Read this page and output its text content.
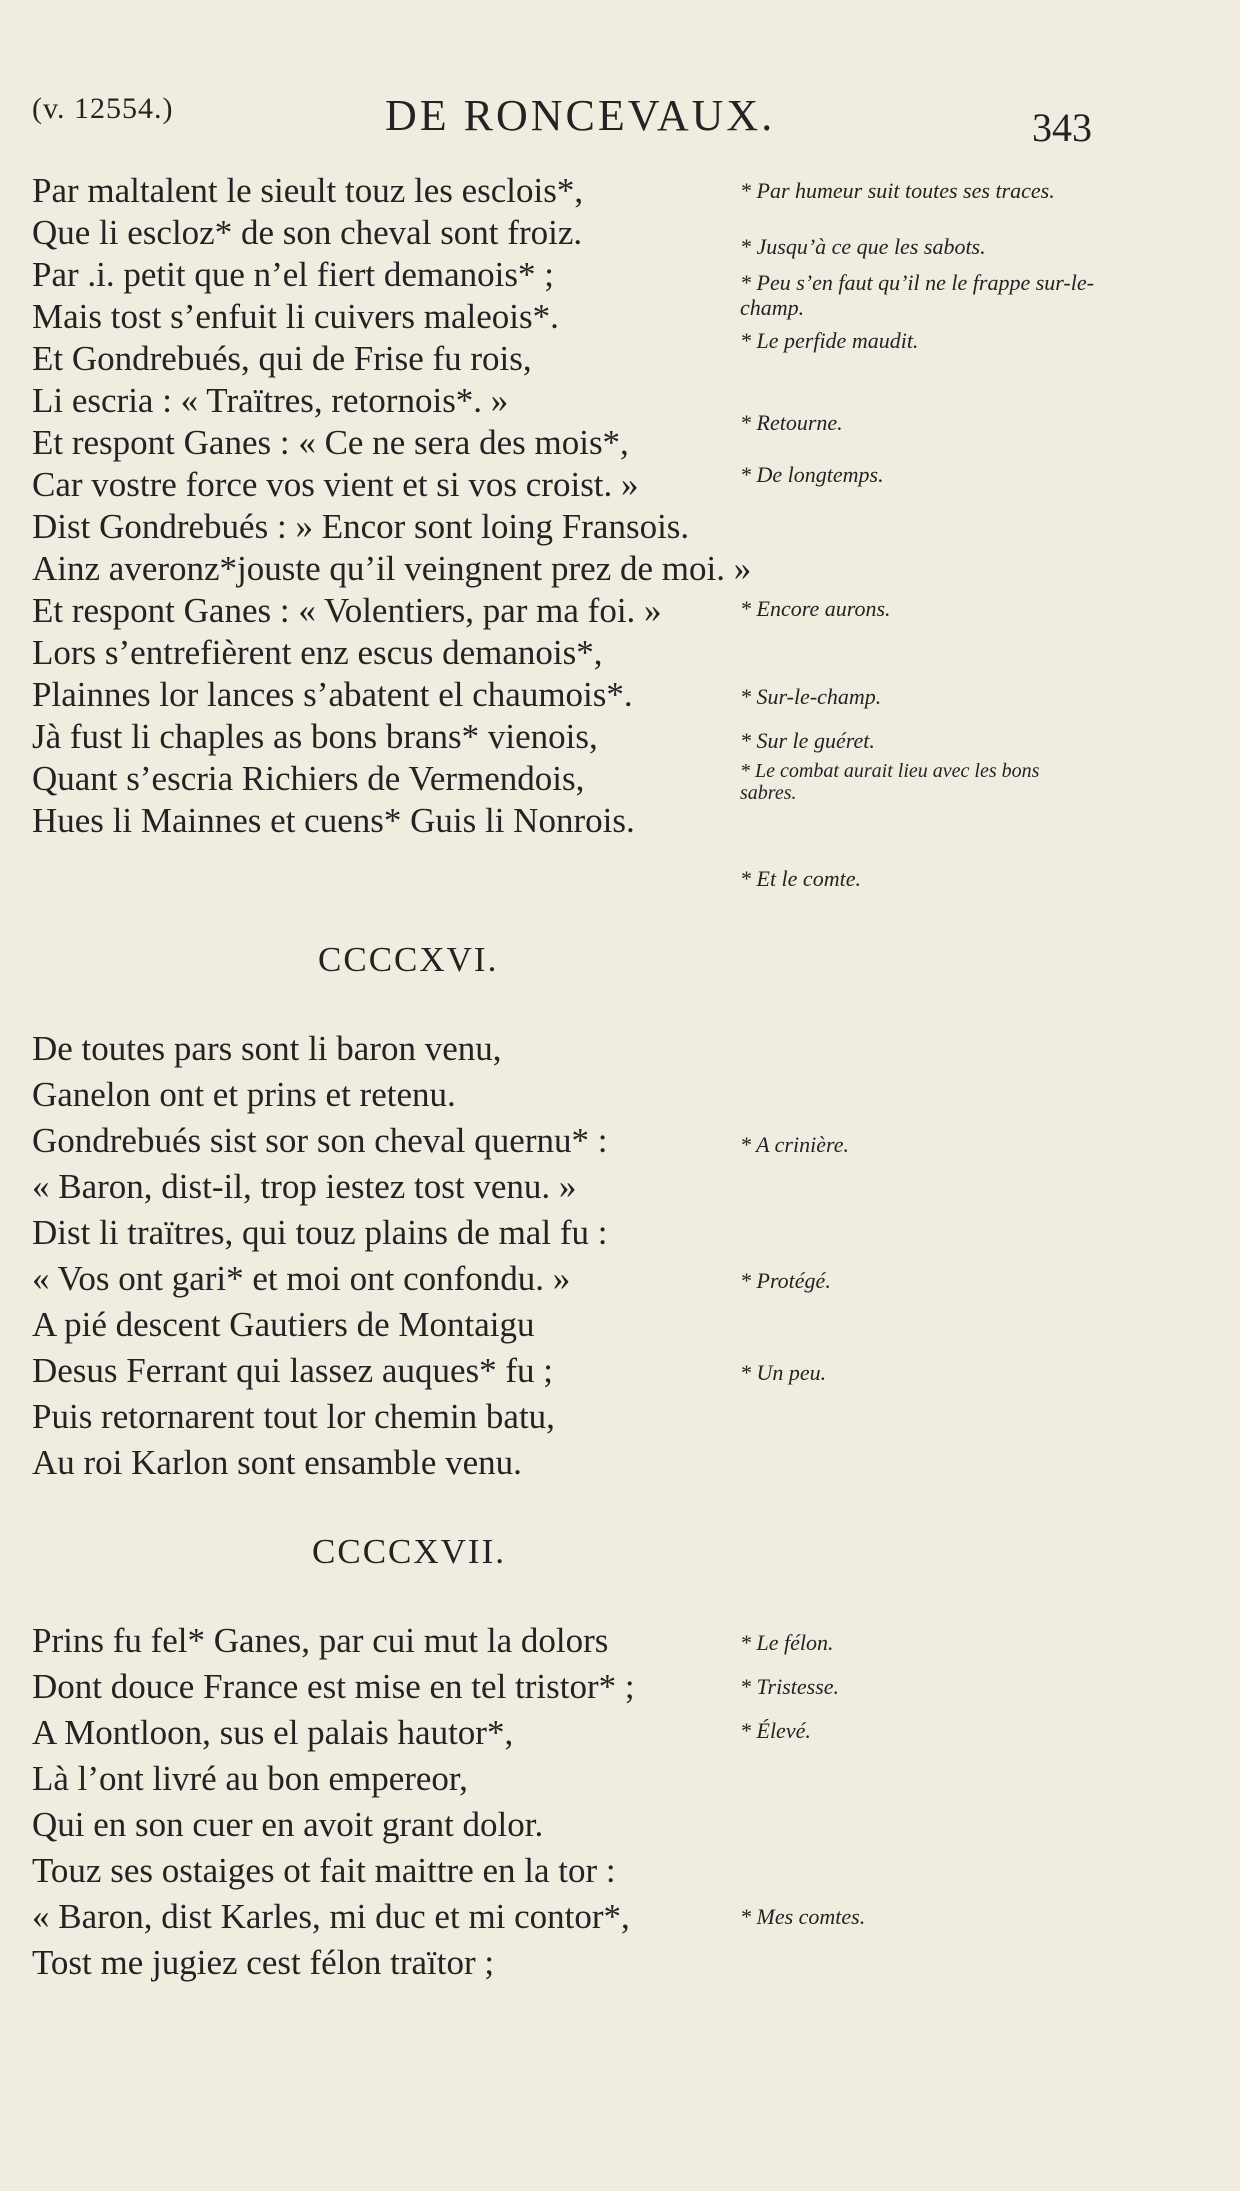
(v. 12554.)	DE RONCEVAUX.	343
Par maltalent le sieult touz les esclois*,
Que li escloz* de son cheval sont froiz.
Par .i. petit que n’el fiert demanois* ;
Mais tost s’enfuit li cuivers maleois*.
Et Gondrebués, qui de Frise fu rois,
Li escria : « Traïtres, retornois*. »
Et respont Ganes : « Ce ne sera des mois*,
Car vostre force vos vient et si vos croist. »
Dist Gondrebués : » Encor sont loing Fransois.
Ainz averonz*jouste qu’il veingnent prez de moi. »
Et respont Ganes : « Volentiers, par ma foi. »
Lors s’entrefièrent enz escus demanois*,
Plainnes lor lances s’abatent el chaumois*.
Jà fust li chaples as bons brans* vienois,
Quant s’escria Richiers de Vermendois,
Hues li Mainnes et cuens* Guis li Nonrois.
* Par humeur suit toutes ses traces.
* Jusqu’à ce que les sabots.
* Peu s’en faut qu’il ne le frappe sur-le-champ.
* Le perfide maudit.
* Retourne.
* De longtemps.
* Encore aurons.
* Sur-le-champ.
* Sur le guéret.
* Le combat aurait lieu avec les bons sabres.
* Et le comte.
CCCCXVI.
De toutes pars sont li baron venu,
Ganelon ont et prins et retenu.
Gondrebués sist sor son cheval quernu* :
« Baron, dist-il, trop iestez tost venu. »
Dist li traïtres, qui touz plains de mal fu :
« Vos ont gari* et moi ont confondu. »
A pié descent Gautiers de Montaigu
Desus Ferrant qui lassez auques* fu ;
Puis retornarent tout lor chemin batu,
Au roi Karlon sont ensamble venu.
* A crinière.
* Protégé.
* Un peu.
CCCCXVII.
Prins fu fel* Ganes, par cui mut la dolors
Dont douce France est mise en tel tristor* ;
A Montloon, sus el palais hautor*,
Là l’ont livré au bon empereor,
Qui en son cuer en avoit grant dolor.
Touz ses ostaiges ot fait maittre en la tor :
« Baron, dist Karles, mi duc et mi contor*,
Tost me jugiez cest félon traïtor ;
* Le félon.
* Tristesse.
* Élevé.
* Mes comtes.
